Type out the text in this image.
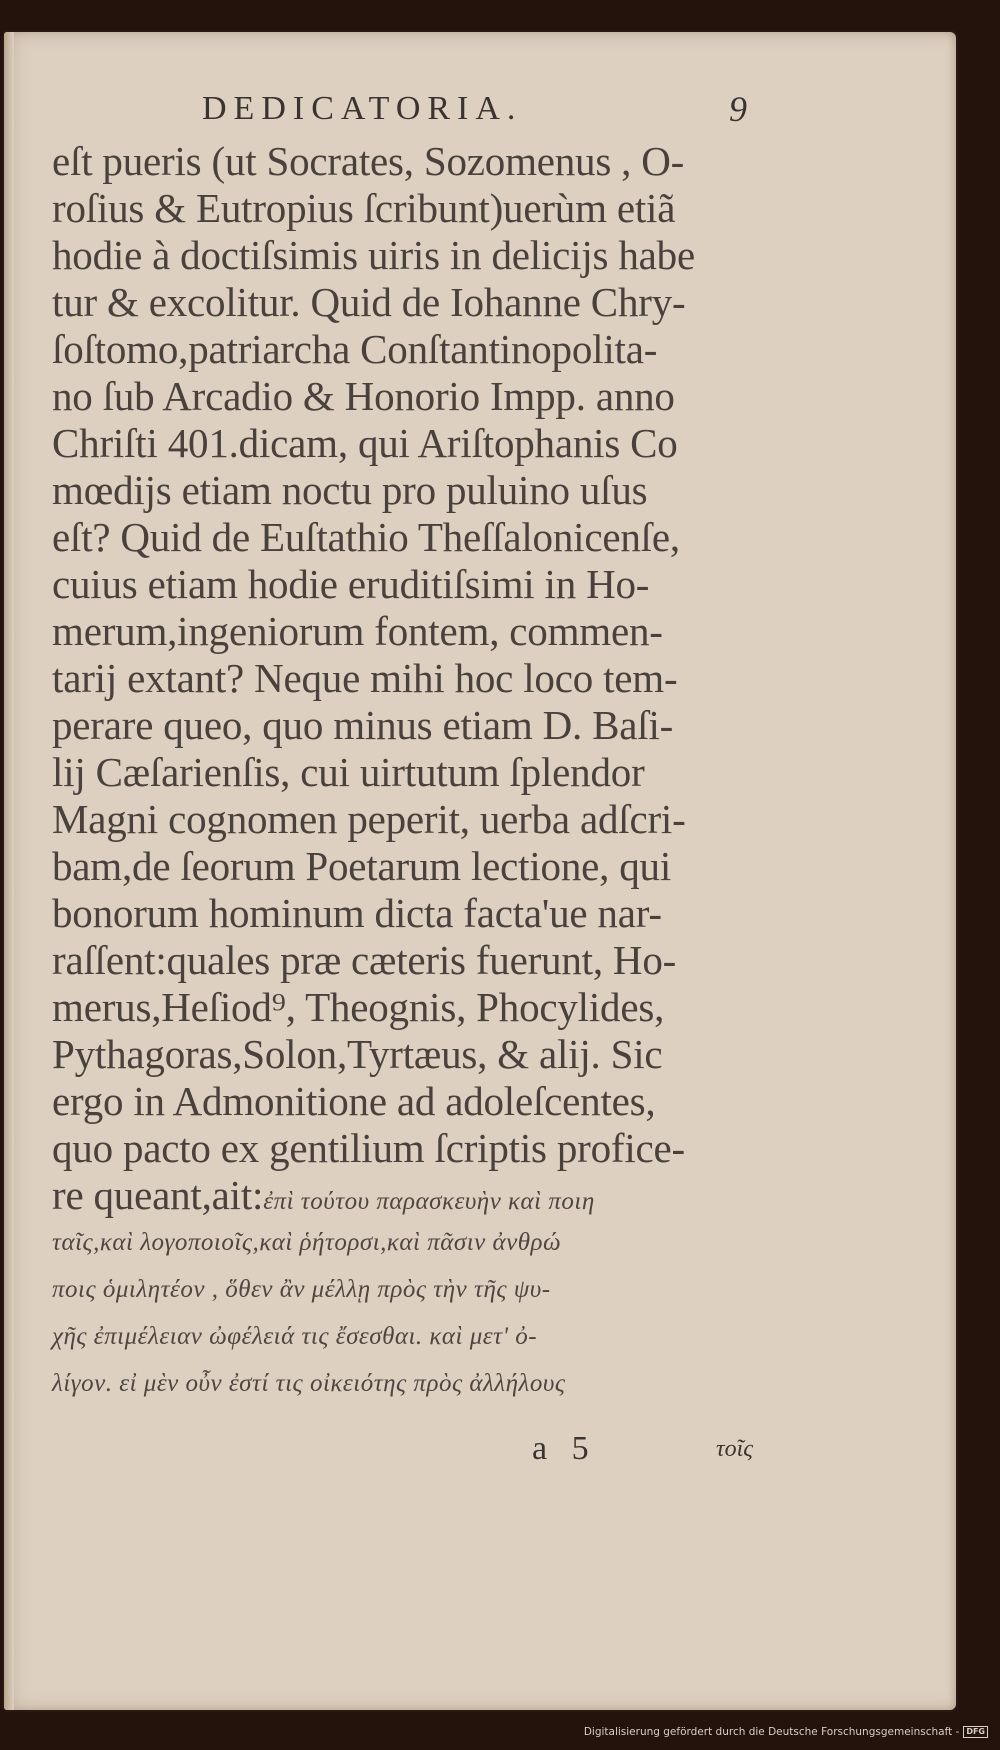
DEDICATORIA.	9
eſt pueris (ut Socrates, Sozomenus , O-
roſius & Eutropius ſcribunt)uerùm etiã
hodie à doctiſsimis uiris in delicijs habe
tur & excolitur. Quid de Iohanne Chry-
ſoſtomo,patriarcha Conſtantinopolita-
no ſub Arcadio & Honorio Impp. anno
Chriſti 401.dicam, qui Ariſtophanis Co
mœdijs etiam noctu pro puluino uſus
eſt? Quid de Euſtathio Theſſalonicenſe,
cuius etiam hodie eruditiſsimi in Ho-
merum,ingeniorum fontem, commen-
tarij extant? Neque mihi hoc loco tem-
perare queo, quo minus etiam D. Baſi-
lij Cæſarienſis, cui uirtutum ſplendor
Magni cognomen peperit, uerba adſcri-
bam,de ſeorum Poetarum lectione, qui
bonorum hominum dicta facta'ue nar-
raſſent:quales præ cæteris fuerunt, Ho-
merus,Heſiod⁹, Theognis, Phocylides,
Pythagoras,Solon,Tyrtæus, & alij. Sic
ergo in Admonitione ad adoleſcentes,
quo pacto ex gentilium ſcriptis profice-
re queant,ait:ἐπὶ τούτου παρασκευὴν καὶ ποιη
ταῖς,καὶ λογοποιοῖς,καὶ ῥήτορσι,καὶ πᾶσιν ἀνθρώ
ποις ὁμιλητέον , ὅθεν ἂν μέλλῃ πρὸς τὴν τῆς ψυ-
χῆς ἐπιμέλειαν ὠφέλειά τις ἔσεσθαι. καὶ μετ' ὀ-
λίγον. εἰ μὲν οὖν ἐστί τις οἰκειότης πρὸς ἀλλήλους
a 5	τοῖς
Digitalisierung gefördert durch die Deutsche Forschungsgemeinschaft - DFG
